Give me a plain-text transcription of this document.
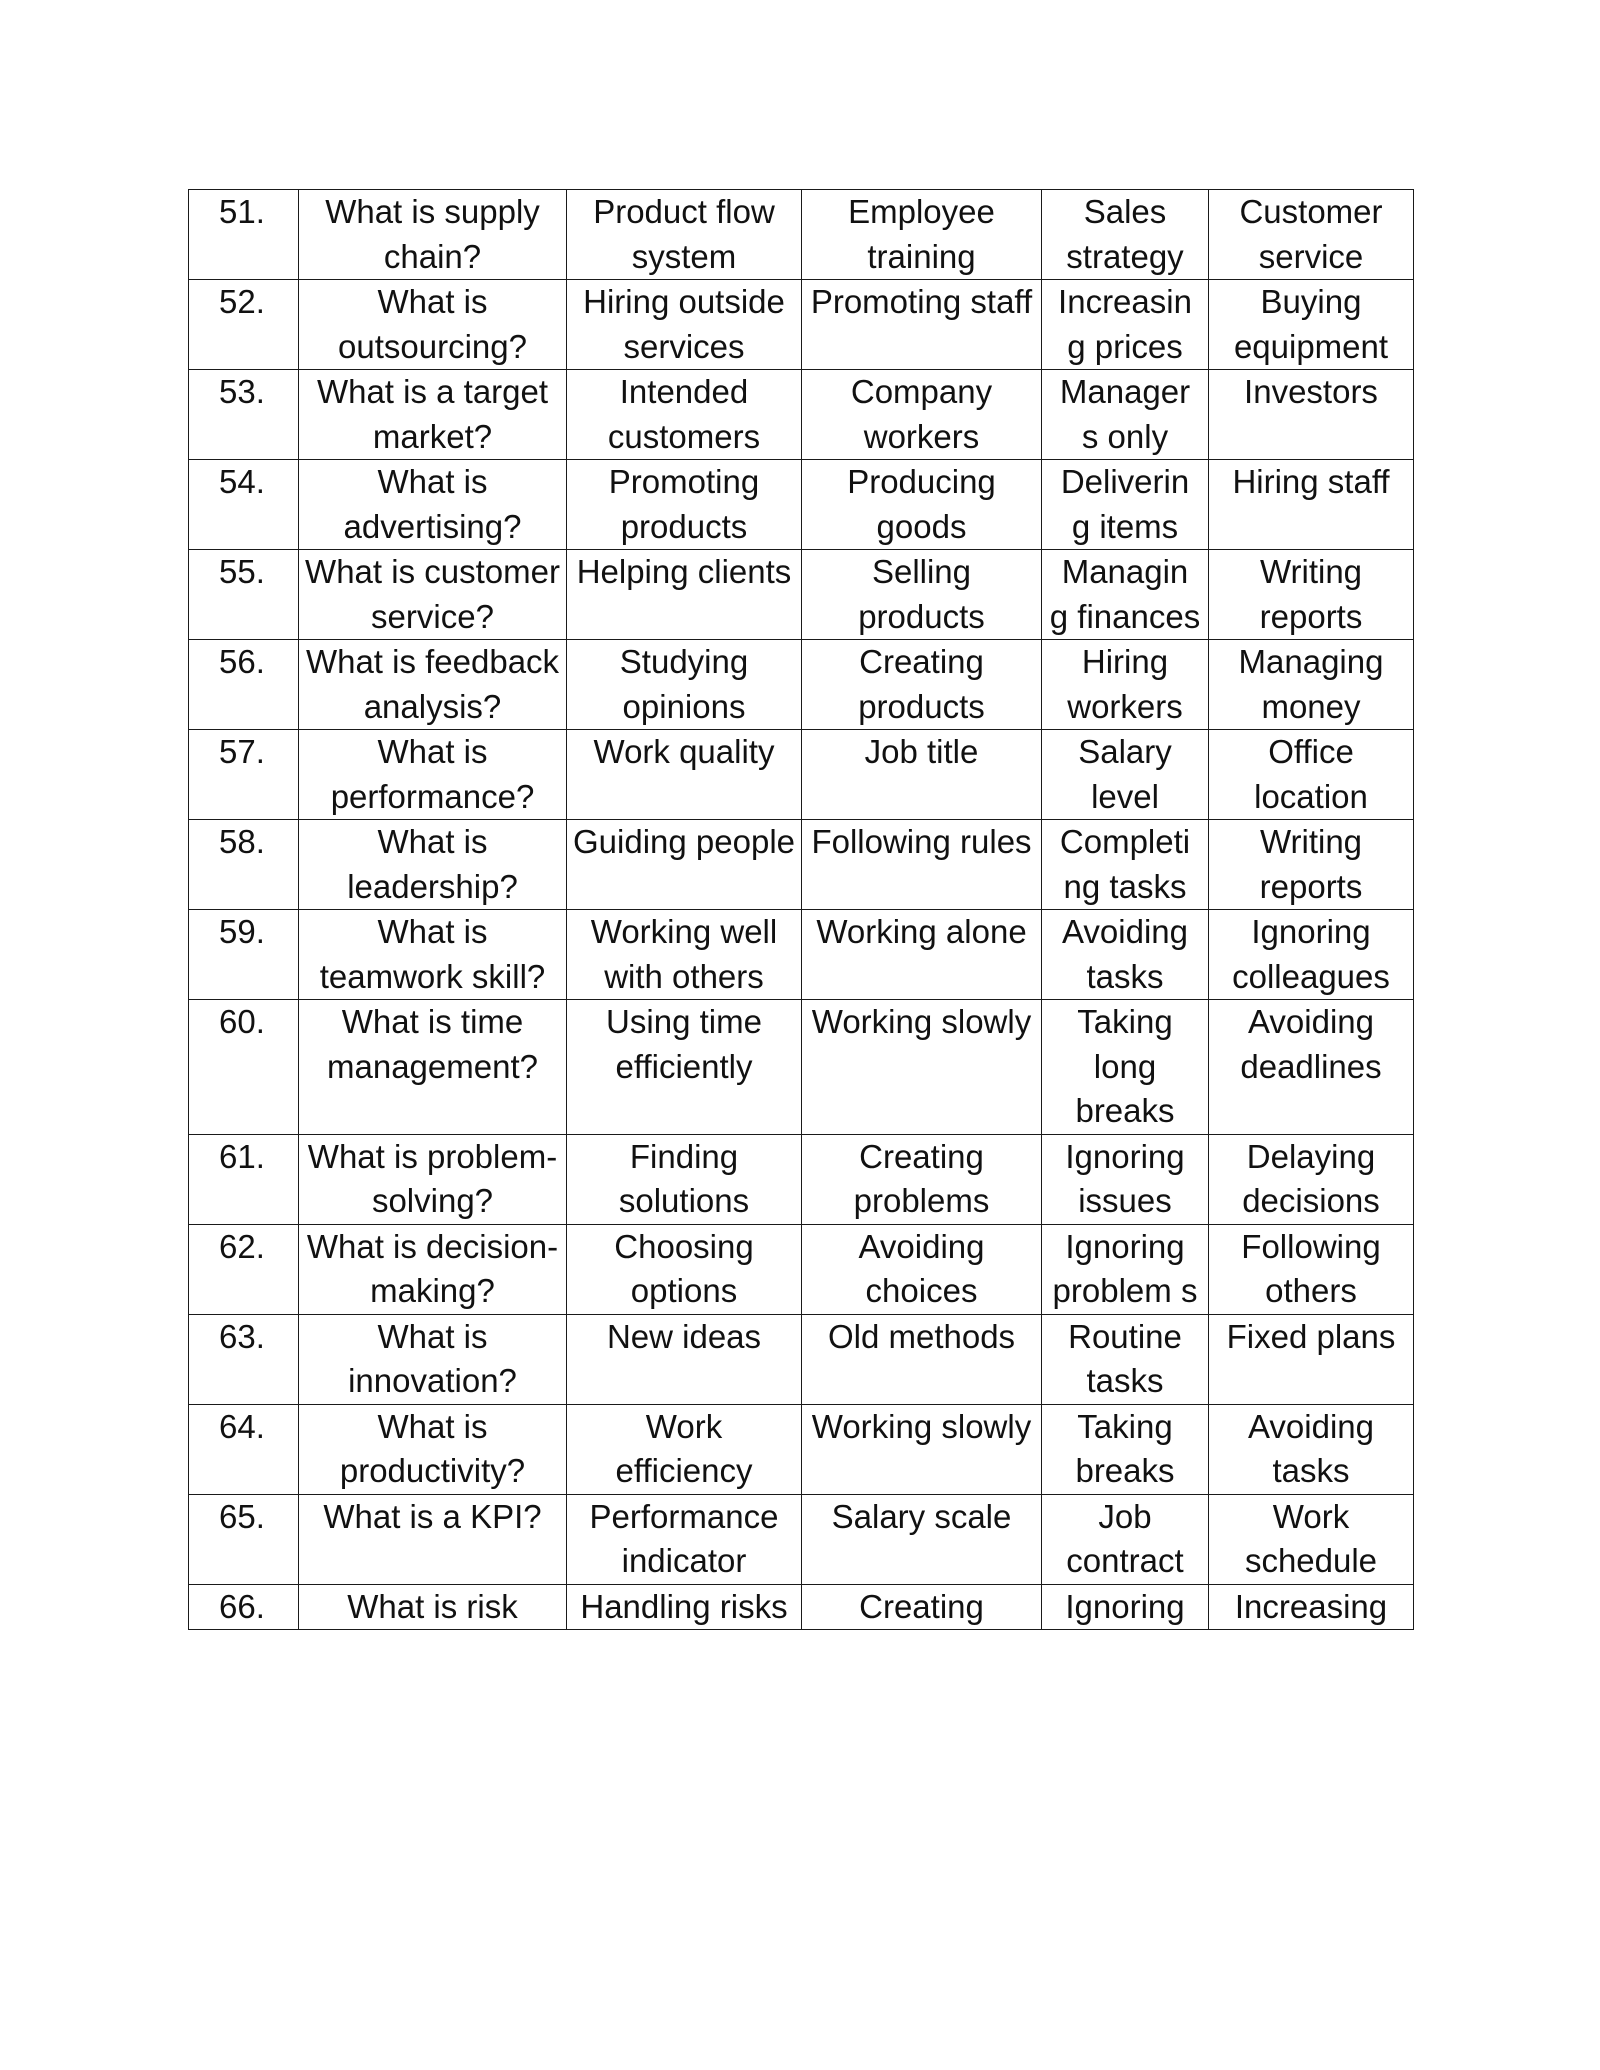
51.	What is supply chain?	Product flow system	Employee training	Sales strategy	Customer service
52.	What is outsourcing?	Hiring outside services	Promoting staff	Increasin g prices	Buying equipment
53.	What is a target market?	Intended customers	Company workers	Manager s only	Investors
54.	What is advertising?	Promoting products	Producing goods	Deliverin g items	Hiring staff
55.	What is customer service?	Helping clients	Selling products	Managin g finances	Writing reports
56.	What is feedback analysis?	Studying opinions	Creating products	Hiring workers	Managing money
57.	What is performance?	Work quality	Job title	Salary level	Office location
58.	What is leadership?	Guiding people	Following rules	Completi ng tasks	Writing reports
59.	What is teamwork skill?	Working well with others	Working alone	Avoiding tasks	Ignoring colleagues
60.	What is time management?	Using time efficiently	Working slowly	Taking long breaks	Avoiding deadlines
61.	What is problem-solving?	Finding solutions	Creating problems	Ignoring issues	Delaying decisions
62.	What is decision-making?	Choosing options	Avoiding choices	Ignoring problem s	Following others
63.	What is innovation?	New ideas	Old methods	Routine tasks	Fixed plans
64.	What is productivity?	Work efficiency	Working slowly	Taking breaks	Avoiding tasks
65.	What is a KPI?	Performance indicator	Salary scale	Job contract	Work schedule
66.	What is risk	Handling risks	Creating	Ignoring	Increasing
